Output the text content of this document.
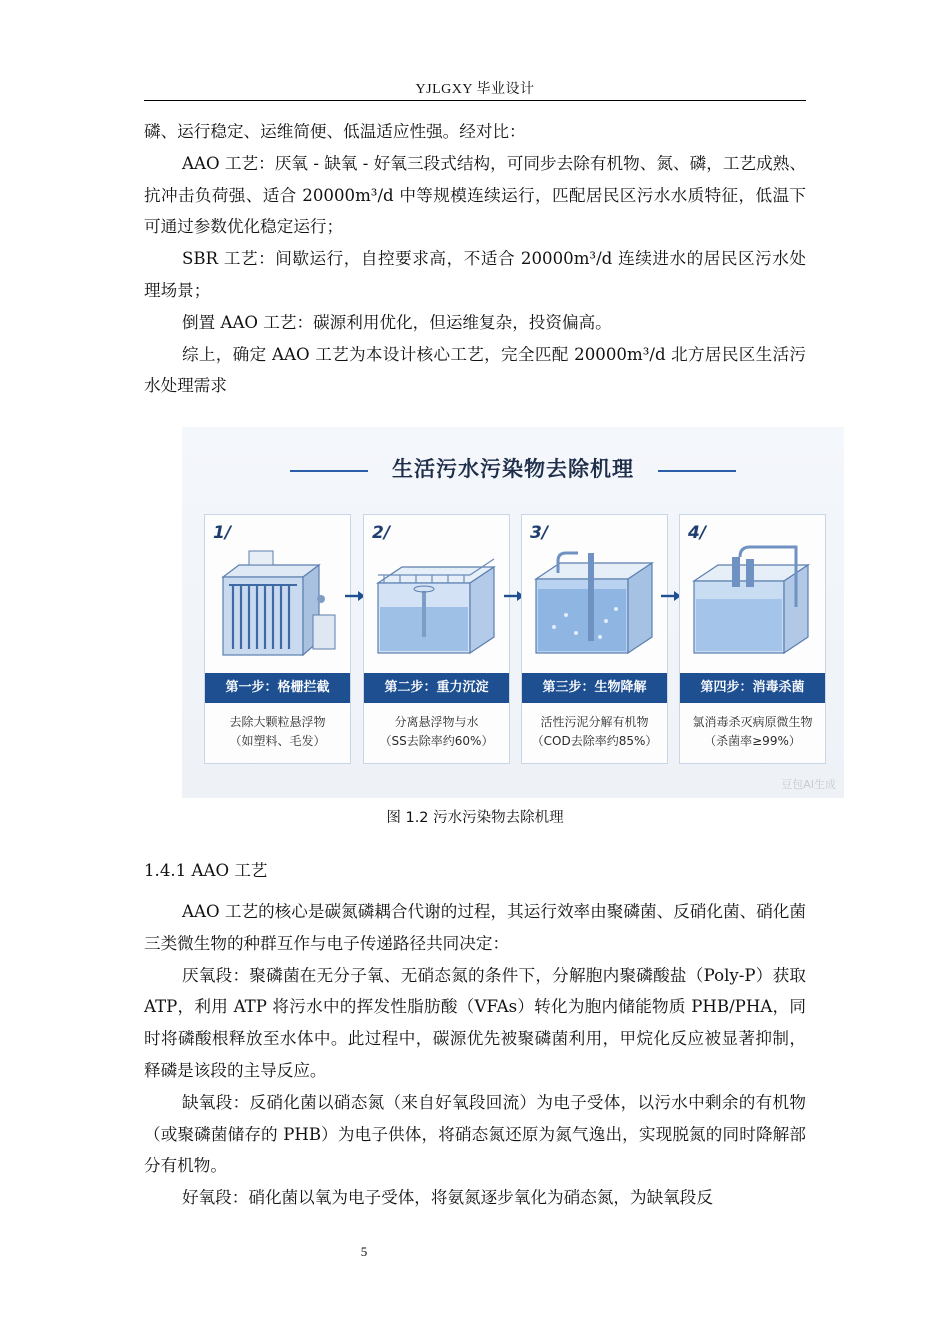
YJLGXY 毕业设计

磷、运行稳定、运维简便、低温适应性强。经对比：

AAO 工艺：厌氧 - 缺氧 - 好氧三段式结构，可同步去除有机物、氮、磷，工艺成熟、抗冲击负荷强、适合 20000m³/d 中等规模连续运行，匹配居民区污水水质特征，低温下可通过参数优化稳定运行；

SBR 工艺：间歇运行，自控要求高，不适合 20000m³/d 连续进水的居民区污水处理场景；

倒置 AAO 工艺：碳源利用优化，但运维复杂，投资偏高。

综上，确定 AAO 工艺为本设计核心工艺，完全匹配 20000m³/d 北方居民区生活污水处理需求

生活污水污染物去除机理
1/
第一步：格栅拦截
去除大颗粒悬浮物
（如塑料、毛发）
2/
第二步：重力沉淀
分离悬浮物与水
（SS去除率约60%）
3/
第三步：生物降解
活性污泥分解有机物
（COD去除率约85%）
4/
第四步：消毒杀菌
氯消毒杀灭病原微生物
（杀菌率≥99%）
豆包AI生成
图 1.2 污水污染物去除机理
1.4.1 AAO 工艺

AAO 工艺的核心是碳氮磷耦合代谢的过程，其运行效率由聚磷菌、反硝化菌、硝化菌三类微生物的种群互作与电子传递路径共同决定：

厌氧段：聚磷菌在无分子氧、无硝态氮的条件下，分解胞内聚磷酸盐（Poly-P）获取 ATP，利用 ATP 将污水中的挥发性脂肪酸（VFAs）转化为胞内储能物质 PHB/PHA，同时将磷酸根释放至水体中。此过程中，碳源优先被聚磷菌利用，甲烷化反应被显著抑制，释磷是该段的主导反应。

缺氧段：反硝化菌以硝态氮（来自好氧段回流）为电子受体，以污水中剩余的有机物（或聚磷菌储存的 PHB）为电子供体，将硝态氮还原为氮气逸出，实现脱氮的同时降解部分有机物。

好氧段：硝化菌以氧为电子受体，将氨氮逐步氧化为硝态氮，为缺氧段反

5
